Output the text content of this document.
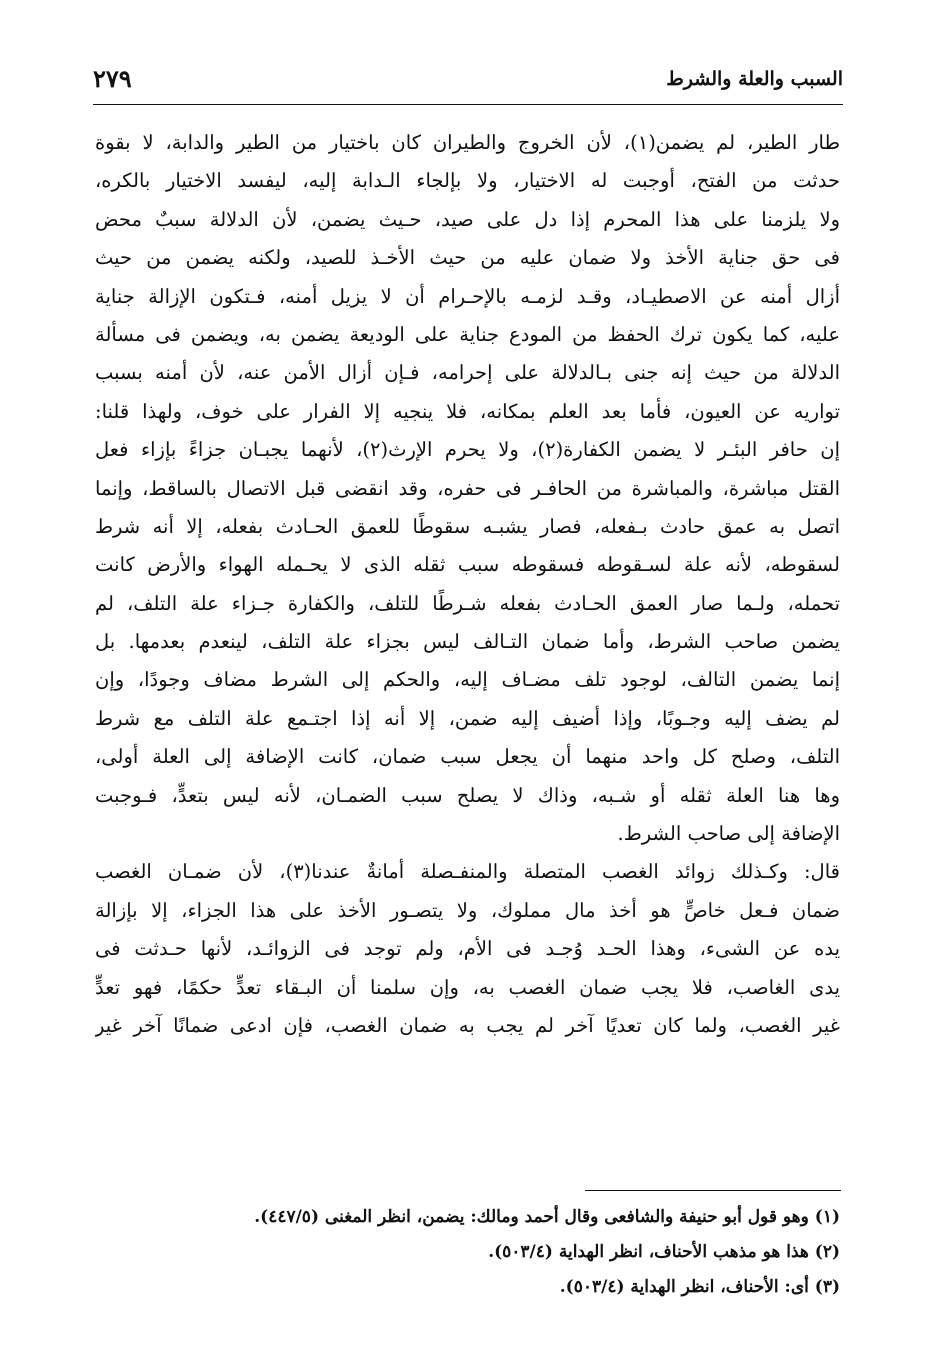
السبب والعلة والشرط
٢٧٩
طار الطير، لم يضمن(١)، لأن الخروج والطيران كان باختيار من الطير والدابة، لا بقوة
حدثت من الفتح، أوجبت له الاختيار، ولا بإلجاء الـدابة إليه، ليفسد الاختيار بالكره،
ولا يلزمنا على هذا المحرم إذا دل على صيد، حـيث يضمن، لأن الدلالة سببٌ محض
فى حق جناية الأخذ ولا ضمان عليه من حيث الأخـذ للصيد، ولكنه يضمن من حيث
أزال أمنه عن الاصطيـاد، وقـد لزمـه بالإحـرام أن لا يزيل أمنه، فـتكون الإزالة جناية
عليه، كما يكون ترك الحفظ من المودع جناية على الوديعة يضمن به، ويضمن فى مسألة
الدلالة من حيث إنه جنى بـالدلالة على إحرامه، فـإن أزال الأمن عنه، لأن أمنه بسبب
تواريه عن العيون، فأما بعد العلم بمكانه، فلا ينجيه إلا الفرار على خوف، ولهذا قلنا:
إن حافر البئـر لا يضمن الكفارة(٢)، ولا يحرم الإرث(٢)، لأنهما يجبـان جزاءً بإزاء فعل
القتل مباشرة، والمباشرة من الحافـر فى حفره، وقد انقضى قبل الاتصال بالساقط، وإنما
اتصل به عمق حادث بـفعله، فصار يشبـه سقوطًا للعمق الحـادث بفعله، إلا أنه شرط
لسقوطه، لأنه علة لسـقوطه فسقوطه سبب ثقله الذى لا يحـمله الهواء والأرض كانت
تحمله، ولـما صار العمق الحـادث بفعله شـرطًا للتلف، والكفارة جـزاء علة التلف، لم
يضمن صاحب الشرط، وأما ضمان التـالف ليس بجزاء علة التلف، لينعدم بعدمها. بل
إنما يضمن التالف، لوجود تلف مضـاف إليه، والحكم إلى الشرط مضاف وجودًا، وإن
لم يضف إليه وجـوبًا، وإذا أضيف إليه ضمن، إلا أنه إذا اجتـمع علة التلف مع شرط
التلف، وصلح كل واحد منهما أن يجعل سبب ضمان، كانت الإضافة إلى العلة أولى،
وها هنا العلة ثقله أو شـبه، وذاك لا يصلح سبب الضمـان، لأنه ليس بتعدٍّ، فـوجبت
الإضافة إلى صاحب الشرط.
قال: وكـذلك زوائد الغصب المتصلة والمنفـصلة أمانةٌ عندنا(٣)، لأن ضمـان الغصب
ضمان فـعل خاصٍّ هو أخذ مال مملوك، ولا يتصـور الأخذ على هذا الجزاء، إلا بإزالة
يده عن الشىء، وهذا الحـد وُجـد فى الأم، ولم توجد فى الزوائـد، لأنها حـدثت فى
يدى الغاصب، فلا يجب ضمان الغصب به، وإن سلمنا أن البـقاء تعدٍّ حكمًا، فهو تعدٍّ
غير الغصب، ولما كان تعديًا آخر لم يجب به ضمان الغصب، فإن ادعى ضمانًا آخر غير
(١) وهو قول أبو حنيفة والشافعى وقال أحمد ومالك: يضمن، انظر المغنى (٤٤٧/٥).
(٢) هذا هو مذهب الأحناف، انظر الهداية (٥٠٣/٤).
(٣) أى: الأحناف، انظر الهداية (٥٠٣/٤).
